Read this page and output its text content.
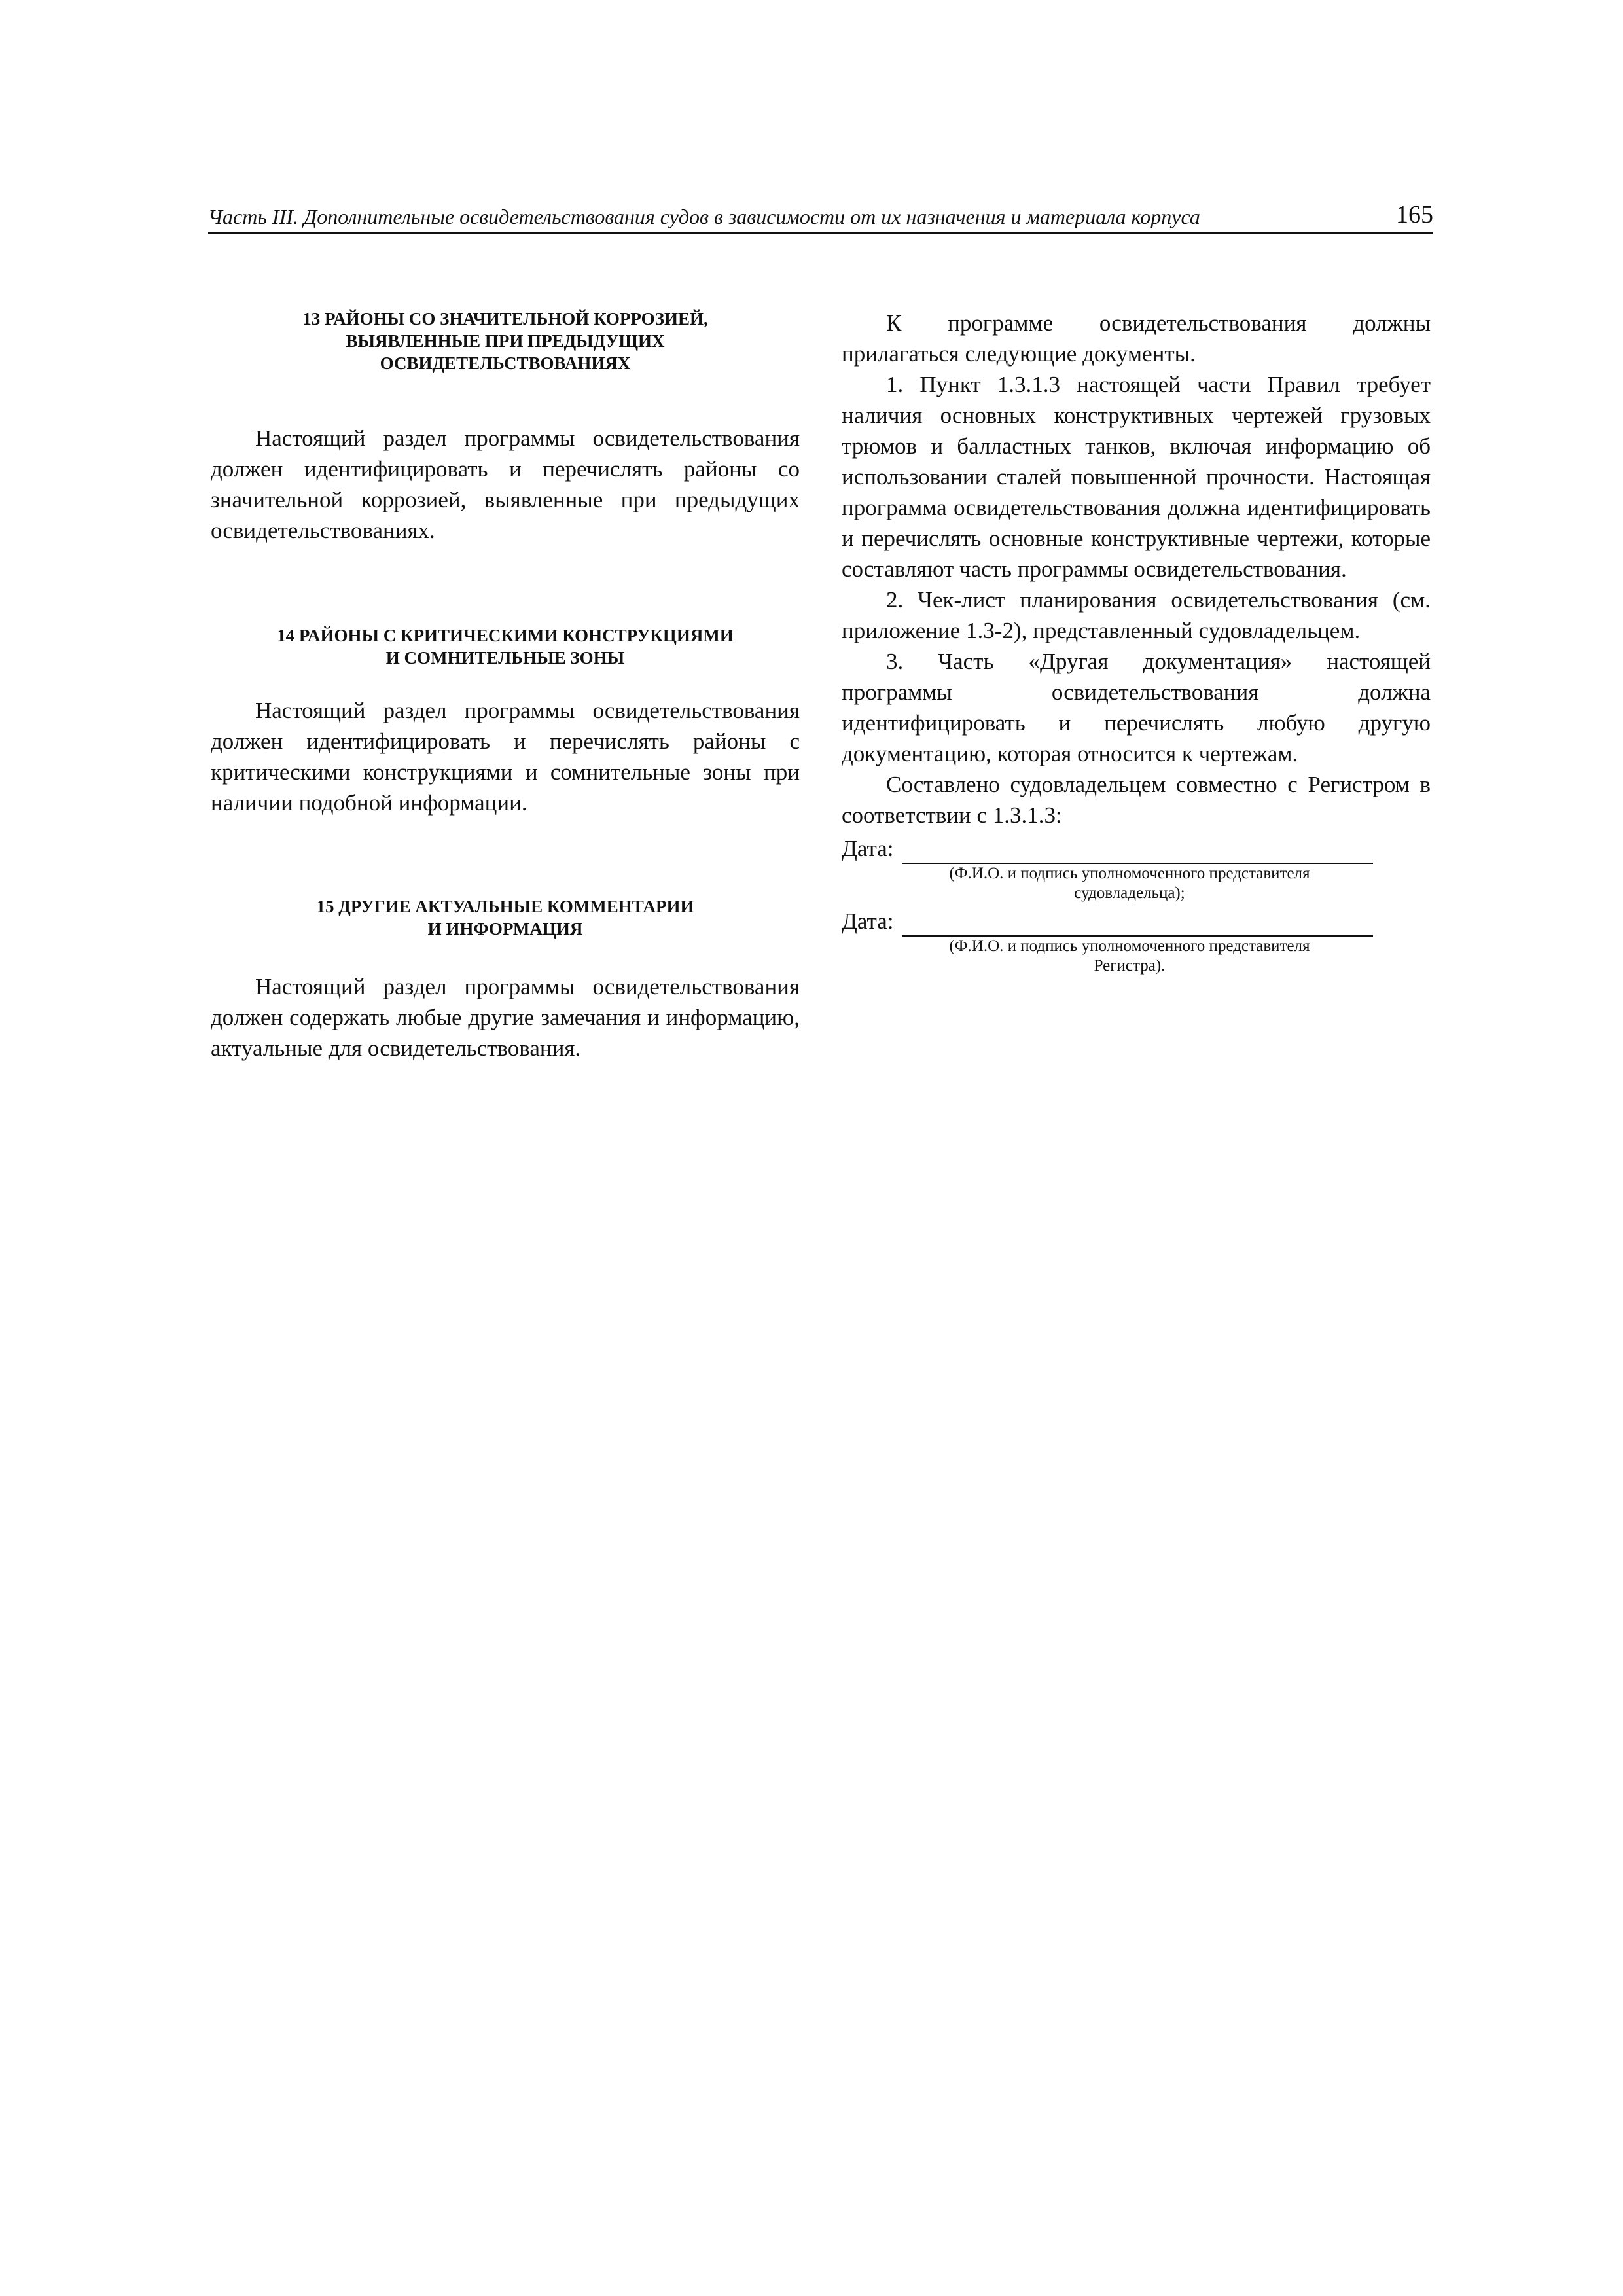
Часть III. Дополнительные освидетельствования судов в зависимости от их назначения и материала корпуса	165
13 РАЙОНЫ СО ЗНАЧИТЕЛЬНОЙ КОРРОЗИЕЙ,
ВЫЯВЛЕННЫЕ ПРИ ПРЕДЫДУЩИХ
ОСВИДЕТЕЛЬСТВОВАНИЯХ

Настоящий раздел программы освидетельствования должен идентифицировать и перечислять районы со значительной коррозией, выявленные при предыдущих освидетельствованиях.

14 РАЙОНЫ С КРИТИЧЕСКИМИ КОНСТРУКЦИЯМИ
И СОМНИТЕЛЬНЫЕ ЗОНЫ

Настоящий раздел программы освидетельствования должен идентифицировать и перечислять районы с критическими конструкциями и сомнительные зоны при наличии подобной информации.

15 ДРУГИЕ АКТУАЛЬНЫЕ КОММЕНТАРИИ
И ИНФОРМАЦИЯ

Настоящий раздел программы освидетельствования должен содержать любые другие замечания и информацию, актуальные для освидетельствования.

К программе освидетельствования должны прилагаться следующие документы.

1. Пункт 1.3.1.3 настоящей части Правил требует наличия основных конструктивных чертежей грузовых трюмов и балластных танков, включая информацию об использовании сталей повышенной прочности. Настоящая программа освидетельствования должна идентифицировать и перечислять основные конструктивные чертежи, которые составляют часть программы освидетельствования.

2. Чек-лист планирования освидетельствования (см. приложение 1.3-2), представленный судовладельцем.

3. Часть «Другая документация» настоящей программы освидетельствования должна идентифицировать и перечислять любую другую документацию, которая относится к чертежам.

Составлено судовладельцем совместно с Регистром в соответствии с 1.3.1.3:

Дата:
(Ф.И.О. и подпись уполномоченного представителя
судовладельца);
Дата:
(Ф.И.О. и подпись уполномоченного представителя
Регистра).
